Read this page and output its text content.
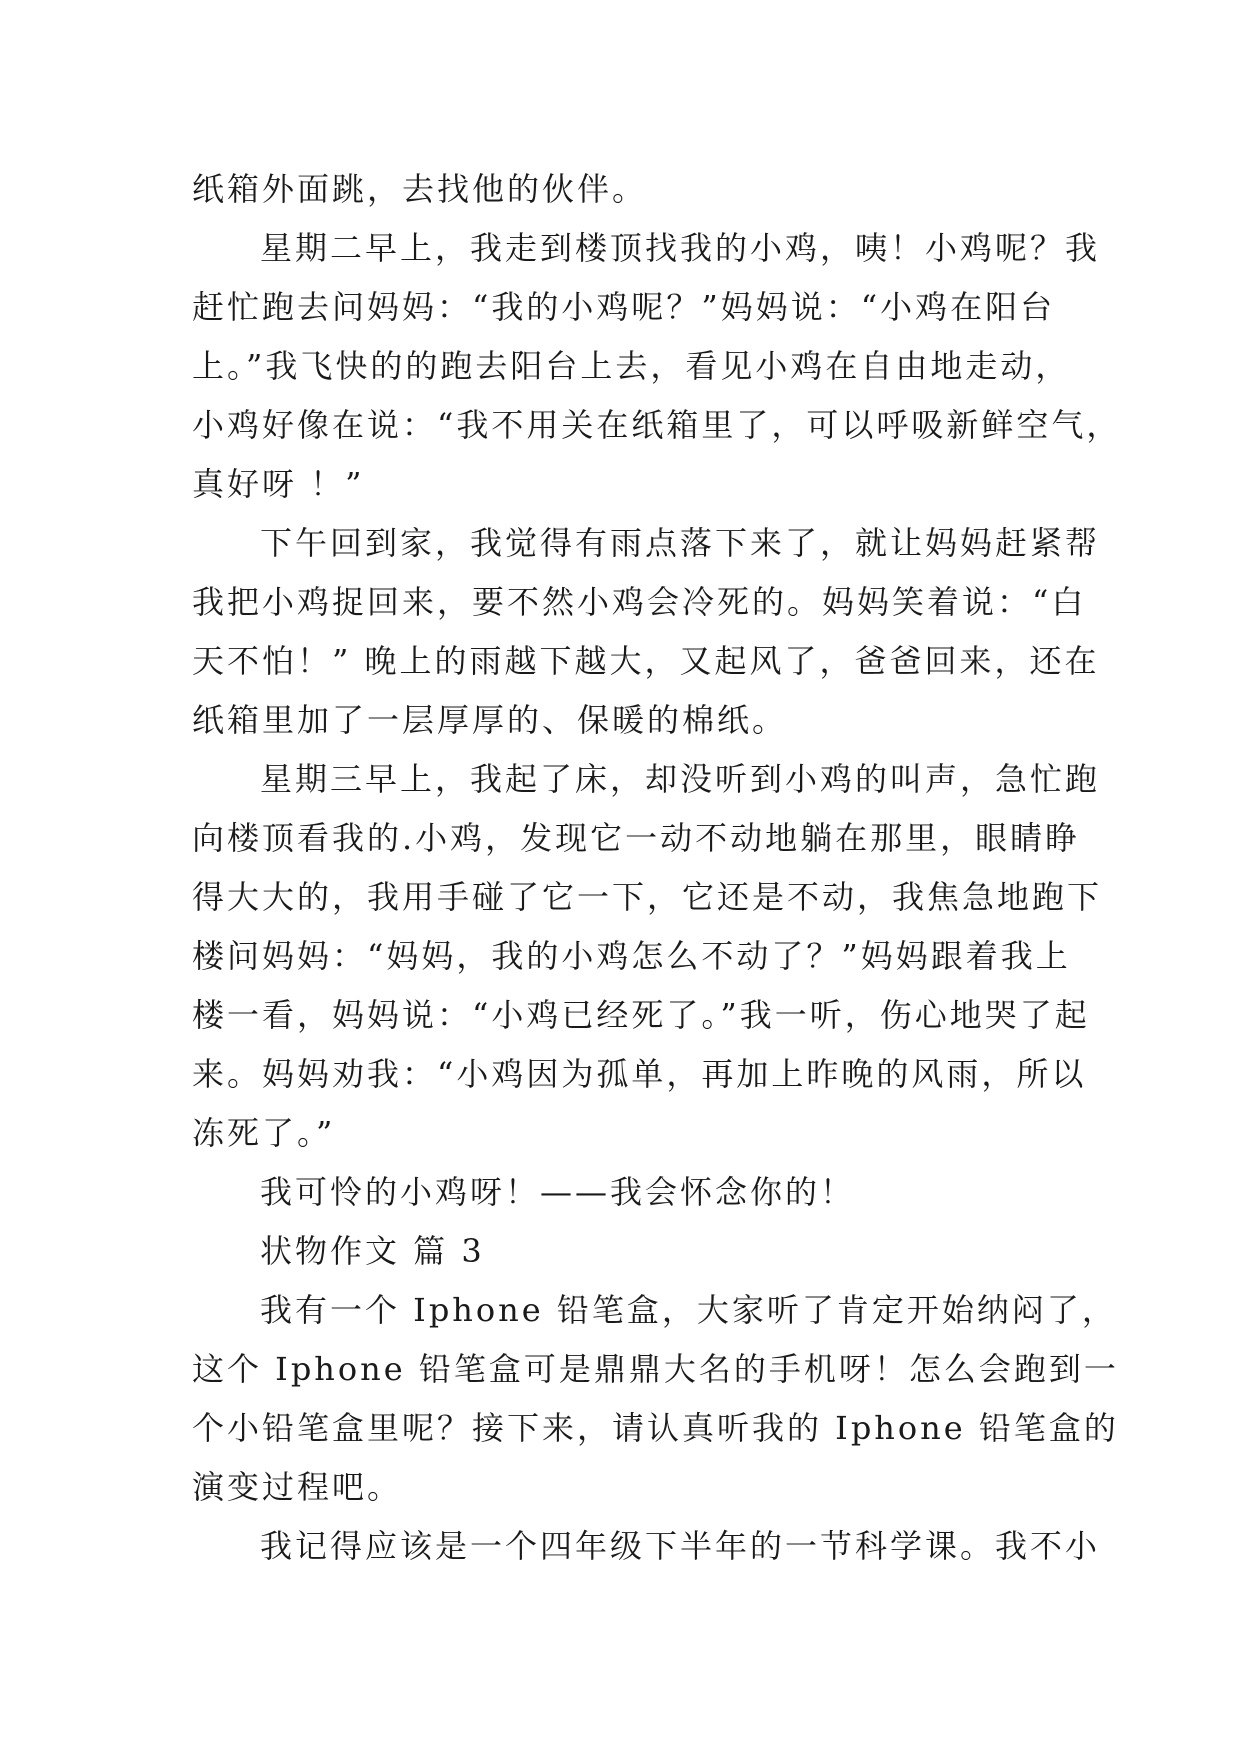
纸箱外面跳，去找他的伙伴。
星期二早上，我走到楼顶找我的小鸡，咦！小鸡呢？我
赶忙跑去问妈妈：“我的小鸡呢？”妈妈说：“小鸡在阳台
上。”我飞快的的跑去阳台上去，看见小鸡在自由地走动，
小鸡好像在说：“我不用关在纸箱里了，可以呼吸新鲜空气，
真好呀 ！”
下午回到家，我觉得有雨点落下来了，就让妈妈赶紧帮
我把小鸡捉回来，要不然小鸡会冷死的。妈妈笑着说：“白
天不怕！” 晚上的雨越下越大，又起风了，爸爸回来，还在
纸箱里加了一层厚厚的、保暖的棉纸。
星期三早上，我起了床，却没听到小鸡的叫声，急忙跑
向楼顶看我的.小鸡，发现它一动不动地躺在那里，眼睛睁
得大大的，我用手碰了它一下，它还是不动，我焦急地跑下
楼问妈妈：“妈妈，我的小鸡怎么不动了？”妈妈跟着我上
楼一看，妈妈说：“小鸡已经死了。”我一听，伤心地哭了起
来。妈妈劝我：“小鸡因为孤单，再加上昨晚的风雨，所以
冻死了。”
我可怜的小鸡呀！——我会怀念你的！
状物作文 篇 3
我有一个 Iphone 铅笔盒，大家听了肯定开始纳闷了，
这个 Iphone 铅笔盒可是鼎鼎大名的手机呀！怎么会跑到一
个小铅笔盒里呢？接下来，请认真听我的 Iphone 铅笔盒的
演变过程吧。
我记得应该是一个四年级下半年的一节科学课。我不小
